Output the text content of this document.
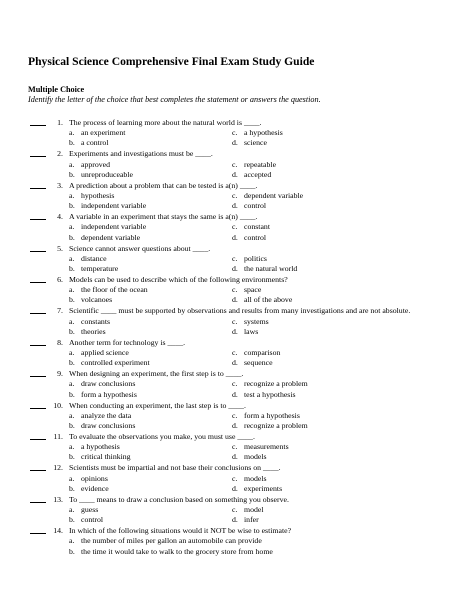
Physical Science Comprehensive Final Exam Study Guide
Multiple Choice
Identify the letter of the choice that best completes the statement or answers the question.
1. The process of learning more about the natural world is ____.
a. an experiment	c. a hypothesis
b. a control	d. science
2. Experiments and investigations must be ____.
a. approved	c. repeatable
b. unreproduceable	d. accepted
3. A prediction about a problem that can be tested is a(n) ____.
a. hypothesis	c. dependent variable
b. independent variable	d. control
4. A variable in an experiment that stays the same is a(n) ____.
a. independent variable	c. constant
b. dependent variable	d. control
5. Science cannot answer questions about ____.
a. distance	c. politics
b. temperature	d. the natural world
6. Models can be used to describe which of the following environments?
a. the floor of the ocean	c. space
b. volcanoes	d. all of the above
7. Scientific ____ must be supported by observations and results from many investigations and are not absolute.
a. constants	c. systems
b. theories	d. laws
8. Another term for technology is ____.
a. applied science	c. comparison
b. controlled experiment	d. sequence
9. When designing an experiment, the first step is to ____.
a. draw conclusions	c. recognize a problem
b. form a hypothesis	d. test a hypothesis
10. When conducting an experiment, the last step is to ____.
a. analyze the data	c. form a hypothesis
b. draw conclusions	d. recognize a problem
11. To evaluate the observations you make, you must use ____.
a. a hypothesis	c. measurements
b. critical thinking	d. models
12. Scientists must be impartial and not base their conclusions on ____.
a. opinions	c. models
b. evidence	d. experiments
13. To ____ means to draw a conclusion based on something you observe.
a. guess	c. model
b. control	d. infer
14. In which of the following situations would it NOT be wise to estimate?
a. the number of miles per gallon an automobile can provide
b. the time it would take to walk to the grocery store from home
